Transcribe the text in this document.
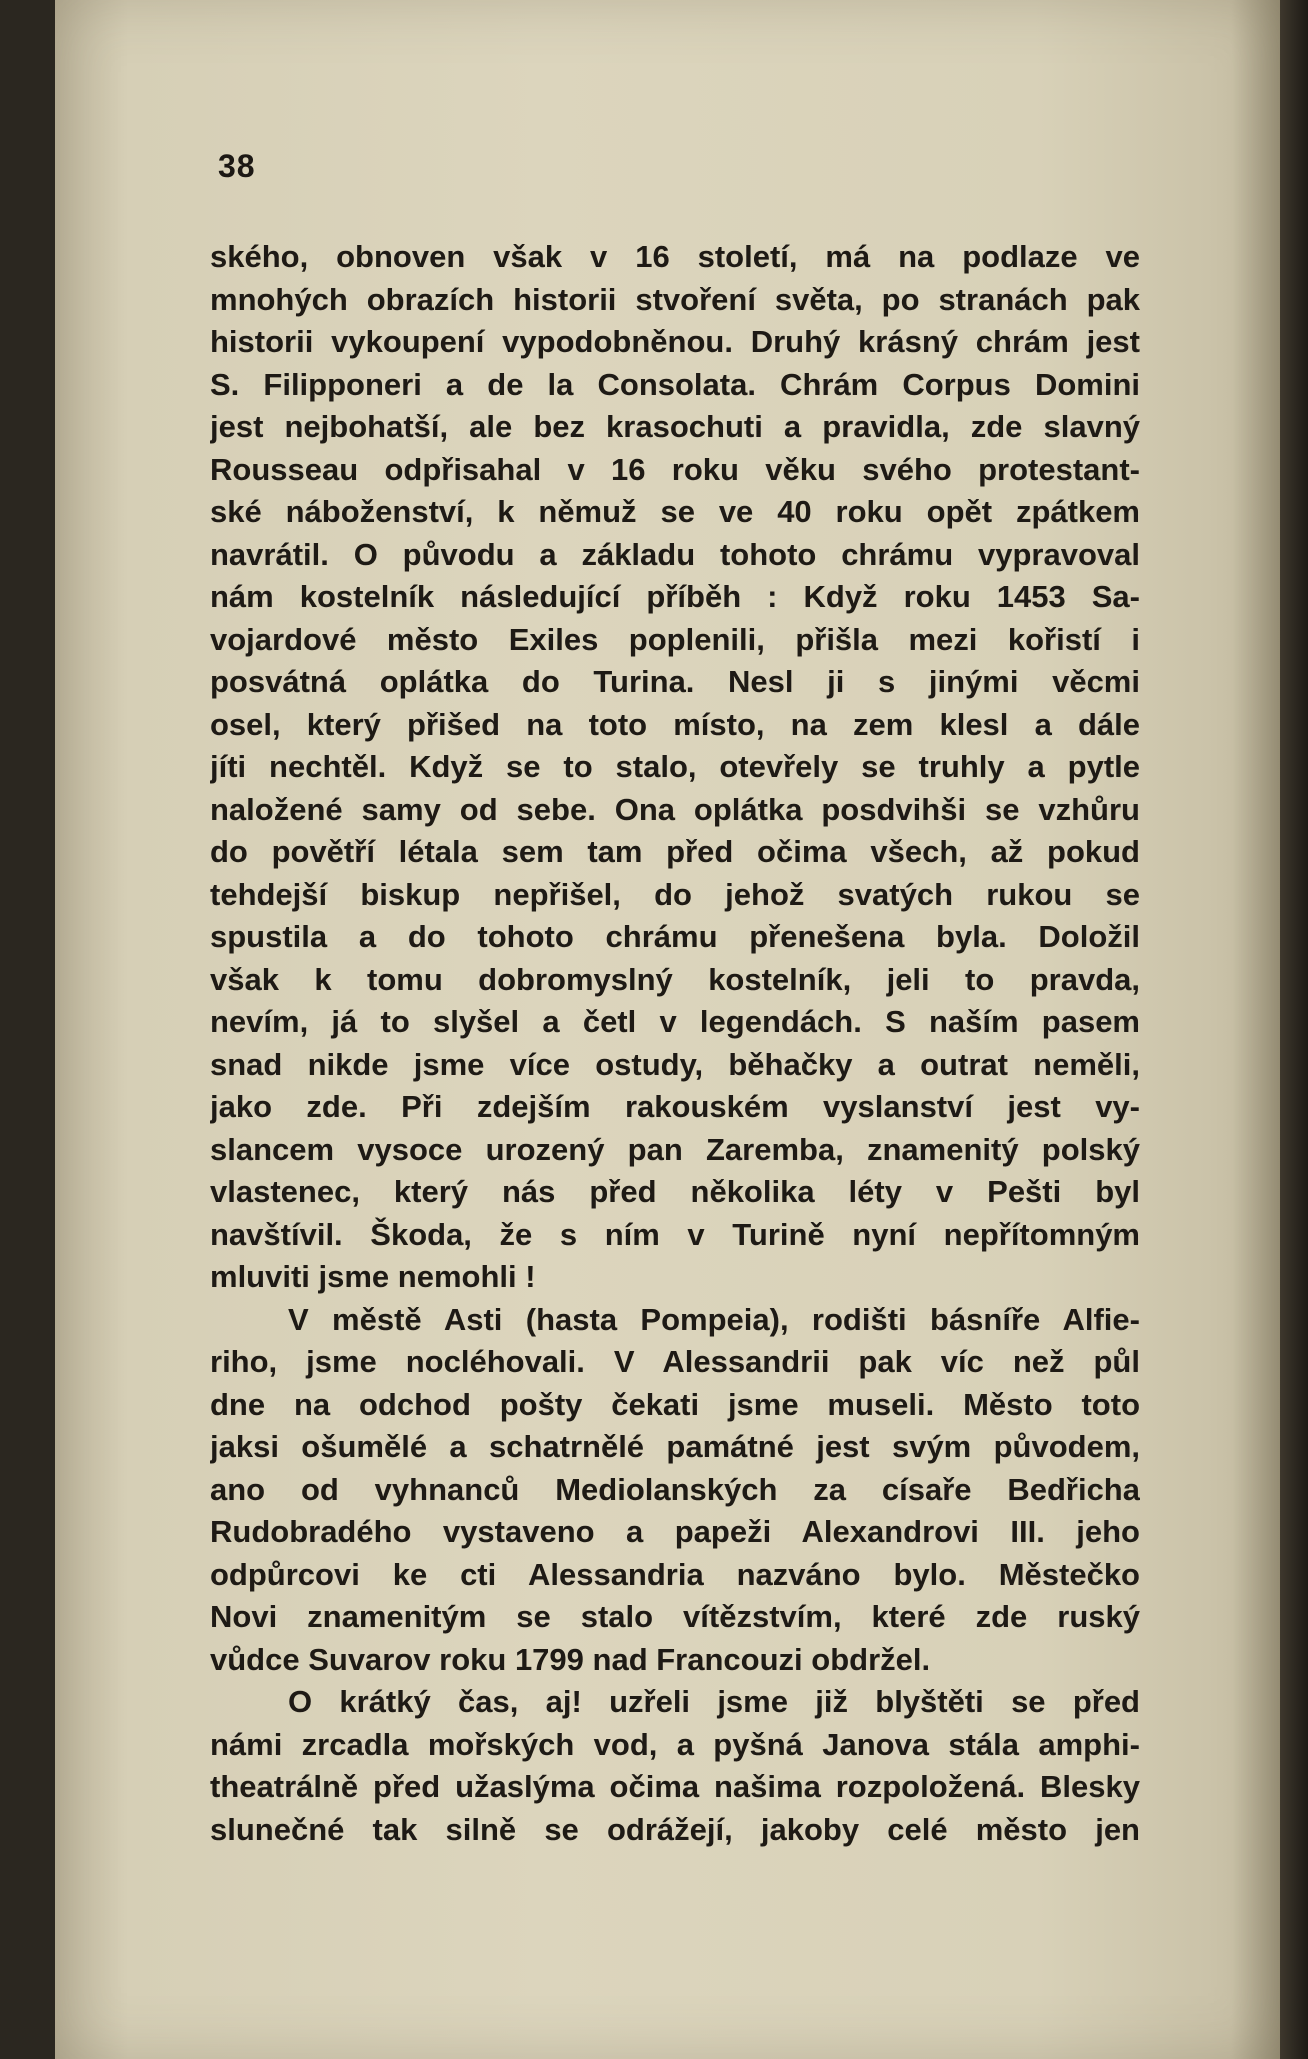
38
ského, obnoven však v 16 století, má na podlaze ve
mnohých obrazích historii stvoření světa, po stranách pak
historii vykoupení vypodobněnou. Druhý krásný chrám jest
S. Filipponeri a de la Consolata. Chrám Corpus Domini
jest nejbohatší, ale bez krasochuti a pravidla, zde slavný
Rousseau odpřisahal v 16 roku věku svého protestant-
ské náboženství, k němuž se ve 40 roku opět zpátkem
navrátil. O původu a základu tohoto chrámu vypravoval
nám kostelník následující příběh : Když roku 1453 Sa-
vojardové město Exiles poplenili, přišla mezi kořistí i
posvátná oplátka do Turina. Nesl ji s jinými věcmi
osel, který přišed na toto místo, na zem klesl a dále
jíti nechtěl. Když se to stalo, otevřely se truhly a pytle
naložené samy od sebe. Ona oplátka posdvihši se vzhůru
do povětří létala sem tam před očima všech, až pokud
tehdejší biskup nepřišel, do jehož svatých rukou se
spustila a do tohoto chrámu přenešena byla. Doložil
však k tomu dobromyslný kostelník, jeli to pravda,
nevím, já to slyšel a četl v legendách. S naším pasem
snad nikde jsme více ostudy, běhačky a outrat neměli,
jako zde. Při zdejším rakouském vyslanství jest vy-
slancem vysoce urozený pan Zaremba, znamenitý polský
vlastenec, který nás před několika léty v Pešti byl
navštívil. Škoda, že s ním v Turině nyní nepřítomným
mluviti jsme nemohli !
V městě Asti (hasta Pompeia), rodišti básníře Alfie-
riho, jsme nocléhovali. V Alessandrii pak víc než půl
dne na odchod pošty čekati jsme museli. Město toto
jaksi ošumělé a schatrnělé památné jest svým původem,
ano od vyhnanců Mediolanských za císaře Bedřicha
Rudobradého vystaveno a papeži Alexandrovi III. jeho
odpůrcovi ke cti Alessandria nazváno bylo. Městečko
Novi znamenitým se stalo vítězstvím, které zde ruský
vůdce Suvarov roku 1799 nad Francouzi obdržel.
O krátký čas, aj! uzřeli jsme již blyštěti se před
námi zrcadla mořských vod, a pyšná Janova stála amphi-
theatrálně před užaslýma očima našima rozpoložená. Blesky
slunečné tak silně se odrážejí, jakoby celé město jen
